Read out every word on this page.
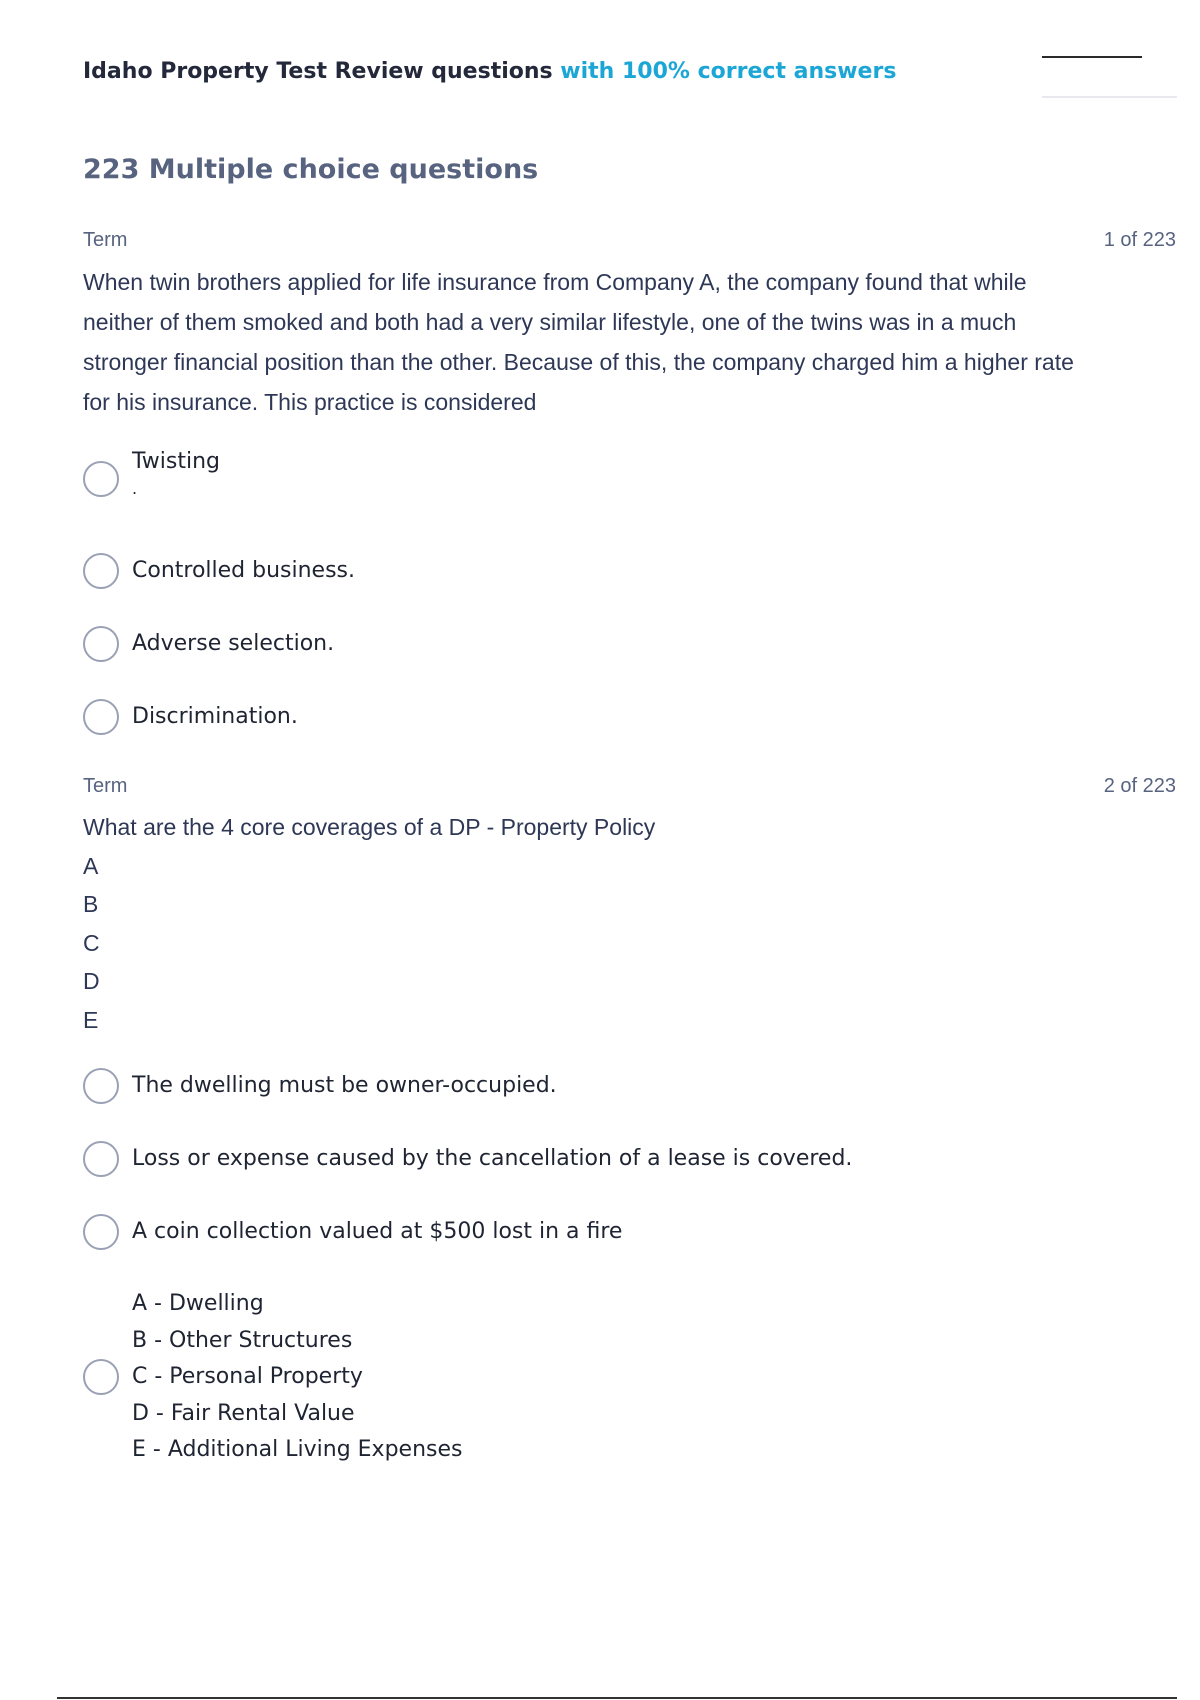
Idaho Property Test Review questions with 100% correct answers
223 Multiple choice questions
Term	1 of 223
When twin brothers applied for life insurance from Company A, the company found that while
neither of them smoked and both had a very similar lifestyle, one of the twins was in a much
stronger financial position than the other. Because of this, the company charged him a higher rate
for his insurance. This practice is considered
Twisting
.
Controlled business.
Adverse selection.
Discrimination.
Term	2 of 223
What are the 4 core coverages of a DP - Property Policy
A
B
C
D
E
The dwelling must be owner-occupied.
Loss or expense caused by the cancellation of a lease is covered.
A coin collection valued at $500 lost in a fire
A - Dwelling
B - Other Structures
C - Personal Property
D - Fair Rental Value
E - Additional Living Expenses
